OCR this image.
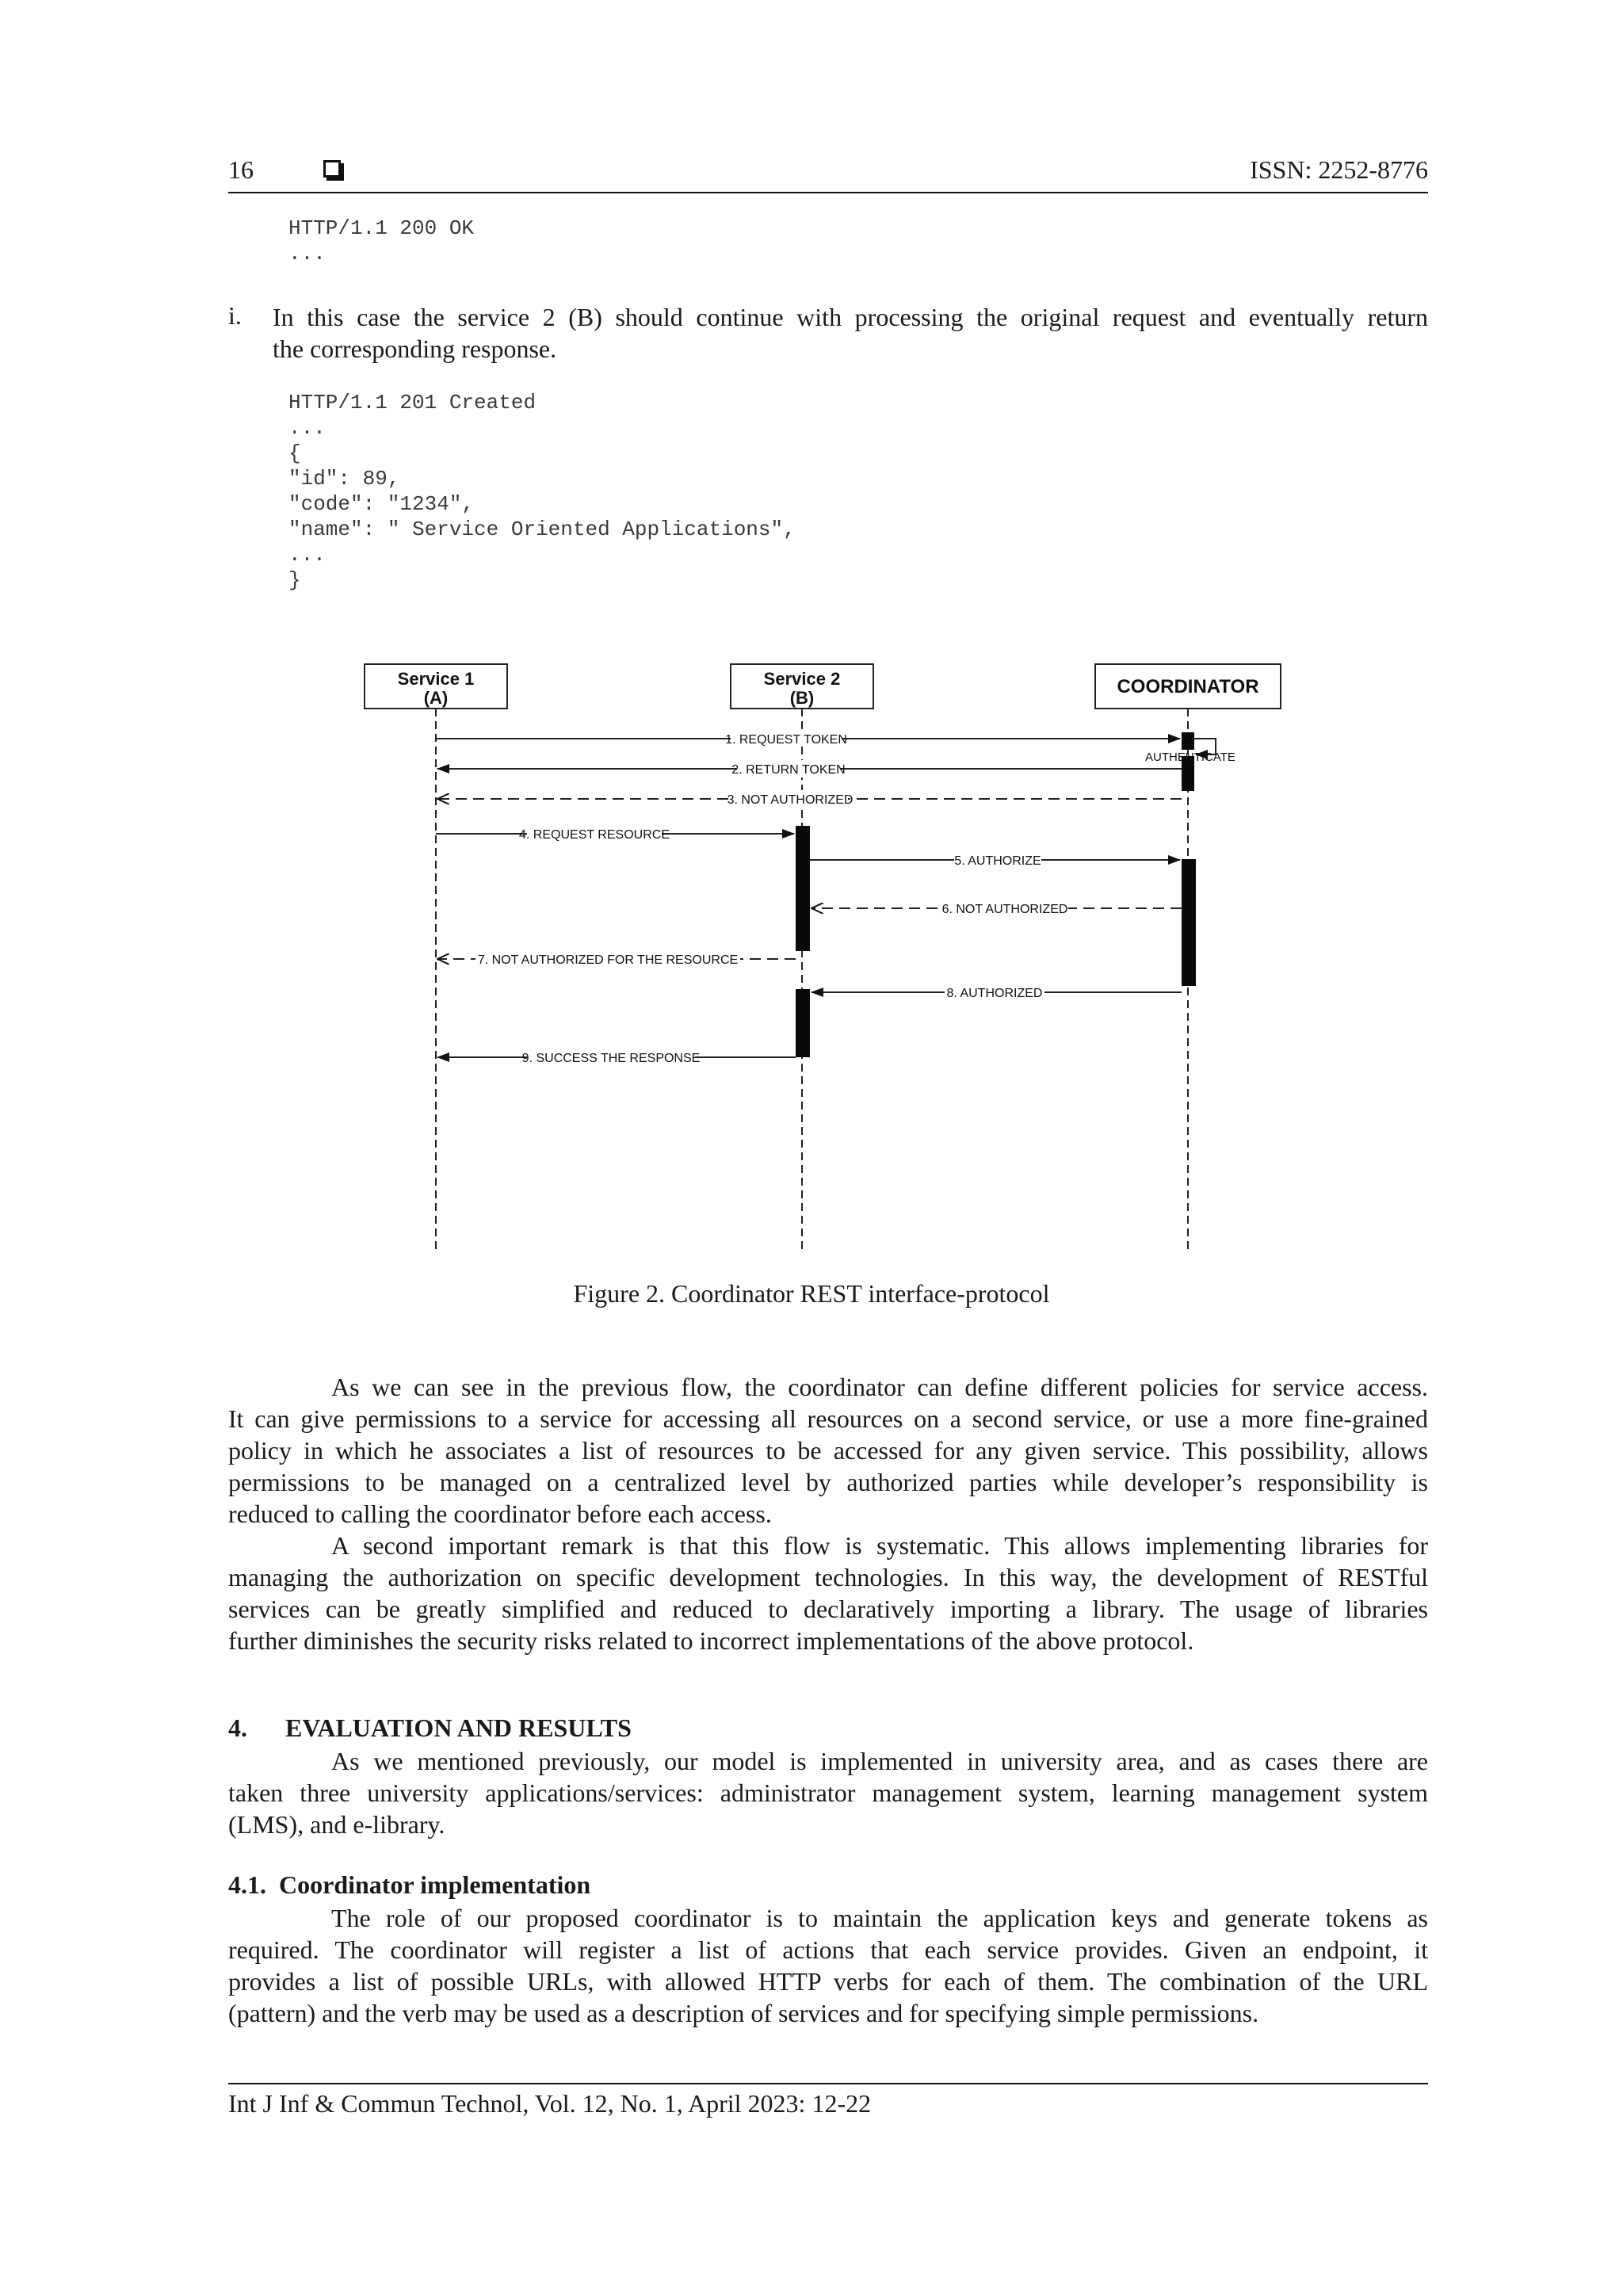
16	ISSN: 2252-8776
HTTP/1.1 200 OK
...
i. In this case the service 2 (B) should continue with processing the original request and eventually return
the corresponding response.
HTTP/1.1 201 Created
...
{
"id": 89,
"code": "1234",
"name": " Service Oriented Applications",
...
}
Service 1
(A)
Service 2
(B)
COORDINATOR
1. REQUEST TOKEN
AUTHENTICATE
2. RETURN TOKEN
3. NOT AUTHORIZED
4. REQUEST RESOURCE
5. AUTHORIZE
6. NOT AUTHORIZED
7. NOT AUTHORIZED FOR THE RESOURCE
8. AUTHORIZED
9. SUCCESS THE RESPONSE
Figure 2. Coordinator REST interface-protocol
As we can see in the previous flow, the coordinator can define different policies for service access.
It can give permissions to a service for accessing all resources on a second service, or use a more fine-grained
policy in which he associates a list of resources to be accessed for any given service. This possibility, allows
permissions to be managed on a centralized level by authorized parties while developer’s responsibility is
reduced to calling the coordinator before each access.
A second important remark is that this flow is systematic. This allows implementing libraries for
managing the authorization on specific development technologies. In this way, the development of RESTful
services can be greatly simplified and reduced to declaratively importing a library. The usage of libraries
further diminishes the security risks related to incorrect implementations of the above protocol.
4.      EVALUATION AND RESULTS
As we mentioned previously, our model is implemented in university area, and as cases there are
taken three university applications/services: administrator management system, learning management system
(LMS), and e-library.
4.1.  Coordinator implementation
The role of our proposed coordinator is to maintain the application keys and generate tokens as
required. The coordinator will register a list of actions that each service provides. Given an endpoint, it
provides a list of possible URLs, with allowed HTTP verbs for each of them. The combination of the URL
(pattern) and the verb may be used as a description of services and for specifying simple permissions.
Int J Inf & Commun Technol, Vol. 12, No. 1, April 2023: 12-22
